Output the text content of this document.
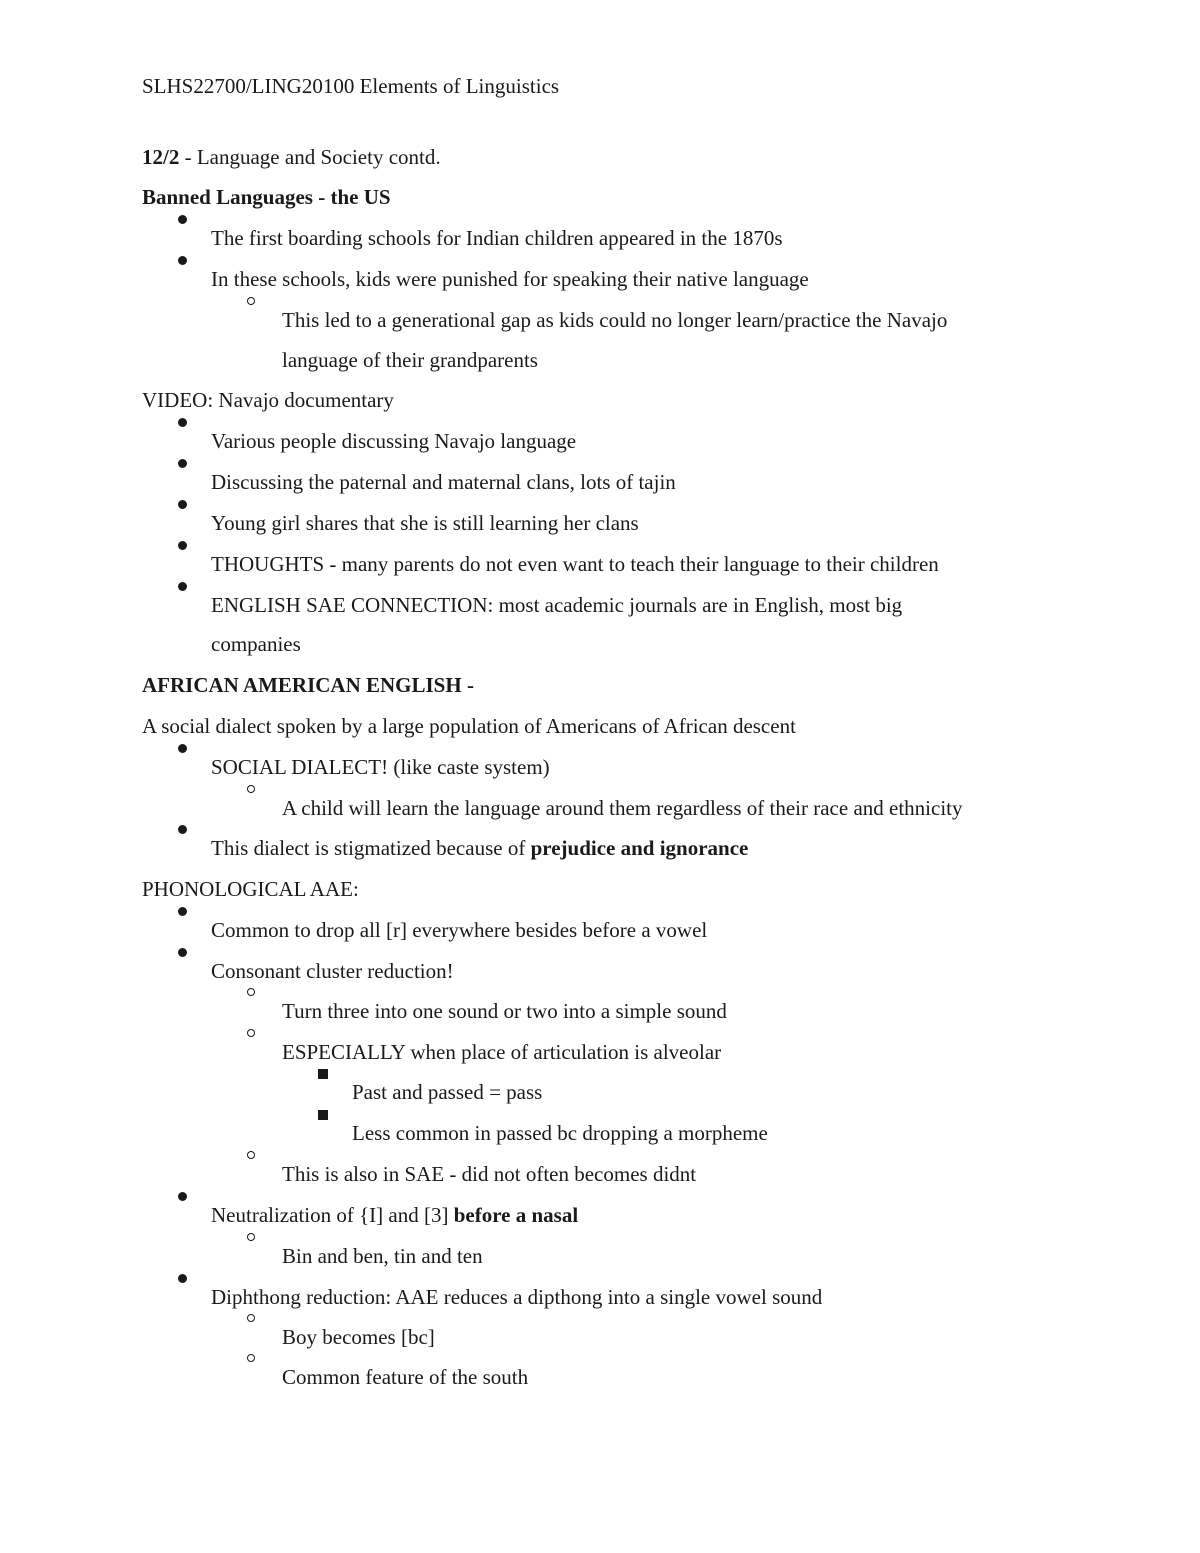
SLHS22700/LING20100 Elements of Linguistics
12/2 - Language and Society contd.
Banned Languages - the US
The first boarding schools for Indian children appeared in the 1870s
In these schools, kids were punished for speaking their native language
This led to a generational gap as kids could no longer learn/practice the Navajo
language of their grandparents
VIDEO: Navajo documentary
Various people discussing Navajo language
Discussing the paternal and maternal clans, lots of tajin
Young girl shares that she is still learning her clans
THOUGHTS - many parents do not even want to teach their language to their children
ENGLISH SAE CONNECTION: most academic journals are in English, most big
companies
AFRICAN AMERICAN ENGLISH -
A social dialect spoken by a large population of Americans of African descent
SOCIAL DIALECT! (like caste system)
A child will learn the language around them regardless of their race and ethnicity
This dialect is stigmatized because of prejudice and ignorance
PHONOLOGICAL AAE:
Common to drop all [r] everywhere besides before a vowel
Consonant cluster reduction!
Turn three into one sound or two into a simple sound
ESPECIALLY when place of articulation is alveolar
Past and passed = pass
Less common in passed bc dropping a morpheme
This is also in SAE - did not often becomes didnt
Neutralization of {I] and [3] before a nasal
Bin and ben, tin and ten
Diphthong reduction: AAE reduces a dipthong into a single vowel sound
Boy becomes [bc]
Common feature of the south
